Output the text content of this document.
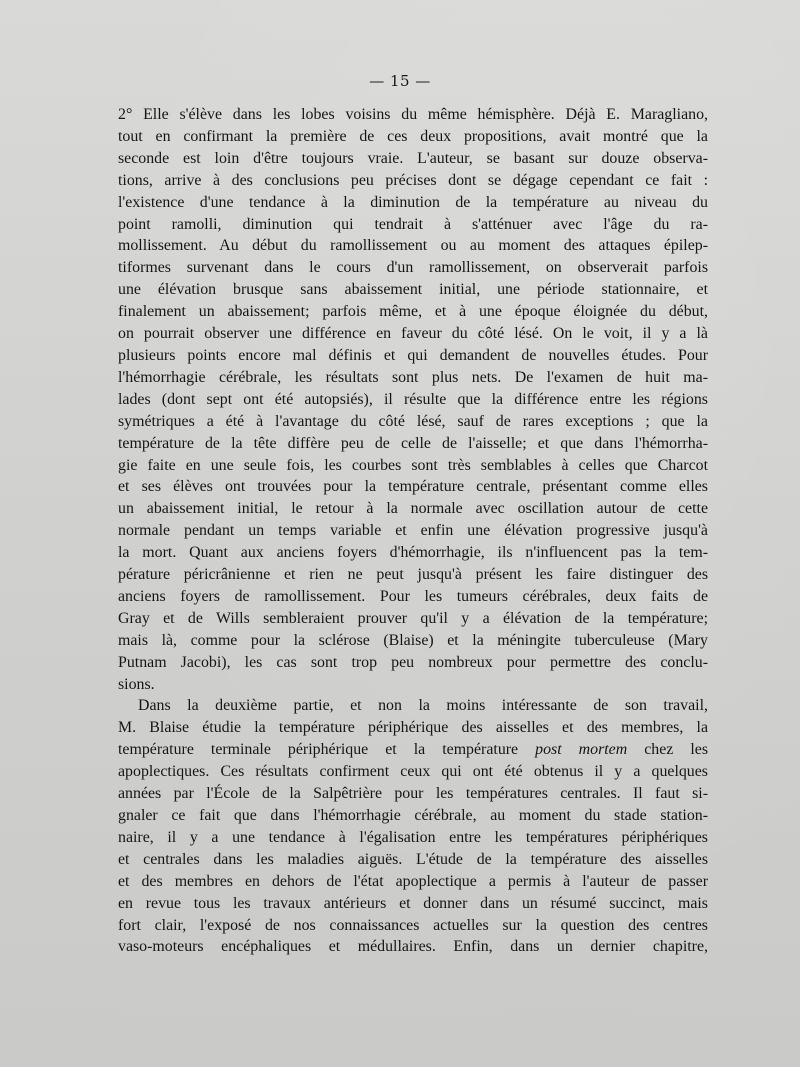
— 15 —
2° Elle s'élève dans les lobes voisins du même hémisphère. Déjà E. Maragliano,
tout en confirmant la première de ces deux propositions, avait montré que la
seconde est loin d'être toujours vraie. L'auteur, se basant sur douze observa-
tions, arrive à des conclusions peu précises dont se dégage cependant ce fait :
l'existence d'une tendance à la diminution de la température au niveau du
point ramolli, diminution qui tendrait à s'atténuer avec l'âge du ra-
mollissement. Au début du ramollissement ou au moment des attaques épilep-
tiformes survenant dans le cours d'un ramollissement, on observerait parfois
une élévation brusque sans abaissement initial, une période stationnaire, et
finalement un abaissement; parfois même, et à une époque éloignée du début,
on pourrait observer une différence en faveur du côté lésé. On le voit, il y a là
plusieurs points encore mal définis et qui demandent de nouvelles études. Pour
l'hémorrhagie cérébrale, les résultats sont plus nets. De l'examen de huit ma-
lades (dont sept ont été autopsiés), il résulte que la différence entre les régions
symétriques a été à l'avantage du côté lésé, sauf de rares exceptions ; que la
température de la tête diffère peu de celle de l'aisselle; et que dans l'hémorrha-
gie faite en une seule fois, les courbes sont très semblables à celles que Charcot
et ses élèves ont trouvées pour la température centrale, présentant comme elles
un abaissement initial, le retour à la normale avec oscillation autour de cette
normale pendant un temps variable et enfin une élévation progressive jusqu'à
la mort. Quant aux anciens foyers d'hémorrhagie, ils n'influencent pas la tem-
pérature péricrânienne et rien ne peut jusqu'à présent les faire distinguer des
anciens foyers de ramollissement. Pour les tumeurs cérébrales, deux faits de
Gray et de Wills sembleraient prouver qu'il y a élévation de la température;
mais là, comme pour la sclérose (Blaise) et la méningite tuberculeuse (Mary
Putnam Jacobi), les cas sont trop peu nombreux pour permettre des conclu-
sions.
Dans la deuxième partie, et non la moins intéressante de son travail,
M. Blaise étudie la température périphérique des aisselles et des membres, la
température terminale périphérique et la température post mortem chez les
apoplectiques. Ces résultats confirment ceux qui ont été obtenus il y a quelques
années par l'École de la Salpêtrière pour les températures centrales. Il faut si-
gnaler ce fait que dans l'hémorrhagie cérébrale, au moment du stade station-
naire, il y a une tendance à l'égalisation entre les températures périphériques
et centrales dans les maladies aiguës. L'étude de la température des aisselles
et des membres en dehors de l'état apoplectique a permis à l'auteur de passer
en revue tous les travaux antérieurs et donner dans un résumé succinct, mais
fort clair, l'exposé de nos connaissances actuelles sur la question des centres
vaso-moteurs encéphaliques et médullaires. Enfin, dans un dernier chapitre,
